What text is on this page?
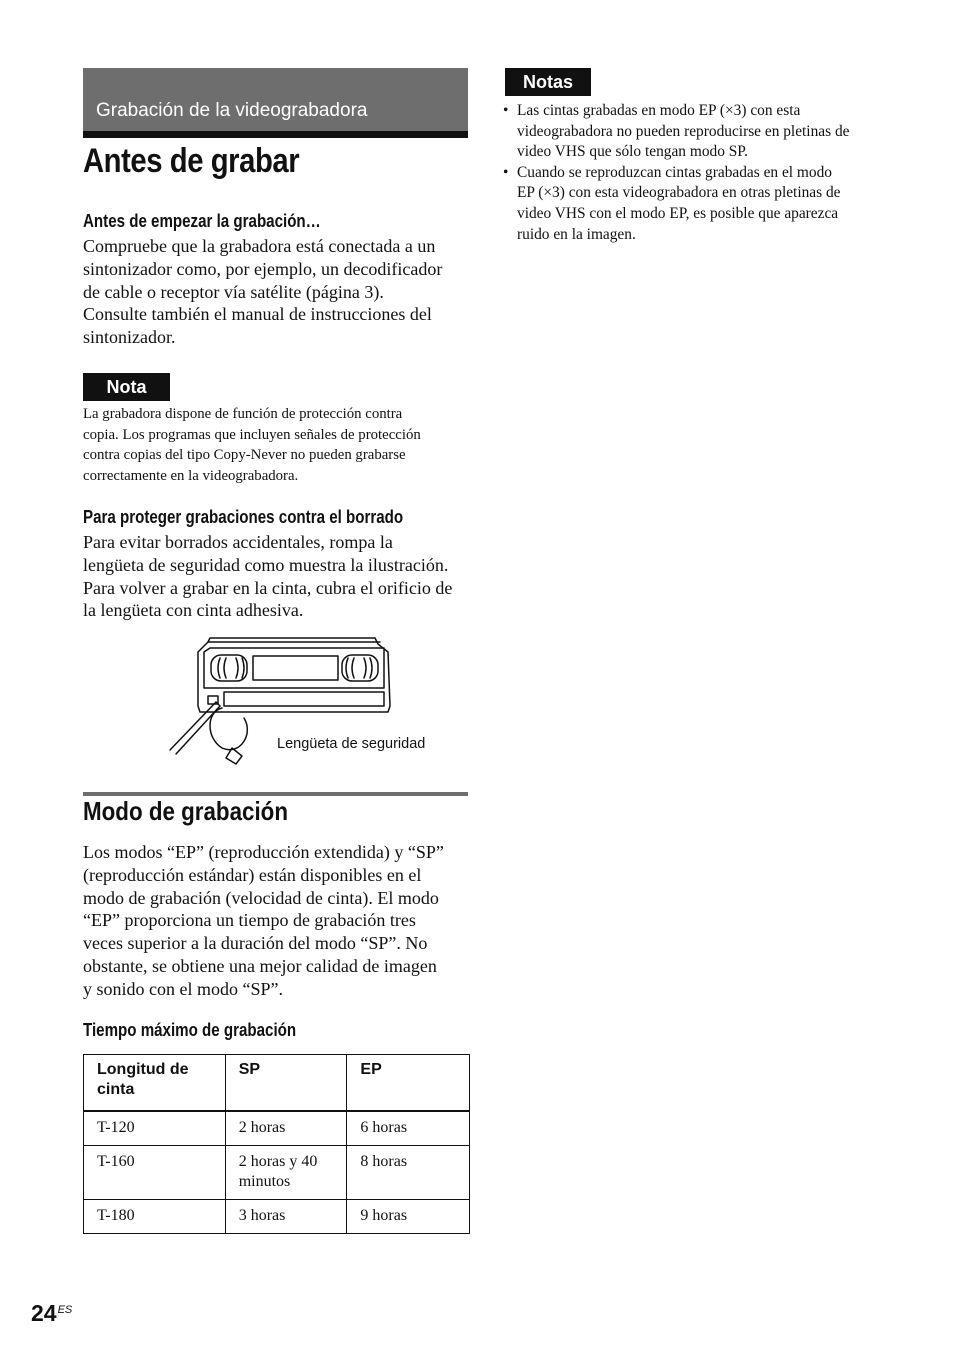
Grabación de la videograbadora
Antes de grabar
Antes de empezar la grabación…

Compruebe que la grabadora está conectada a un

sintonizador como, por ejemplo, un decodificador

de cable o receptor vía satélite (página 3).

Consulte también el manual de instrucciones del

sintonizador.

Nota

La grabadora dispone de función de protección contra

copia. Los programas que incluyen señales de protección

contra copias del tipo Copy-Never no pueden grabarse

correctamente en la videograbadora.

Para proteger grabaciones contra el borrado

Para evitar borrados accidentales, rompa la

lengüeta de seguridad como muestra la ilustración.

Para volver a grabar en la cinta, cubra el orificio de

la lengüeta con cinta adhesiva.

Lengüeta de seguridad
Modo de grabación

Los modos “EP” (reproducción extendida) y “SP”

(reproducción estándar) están disponibles en el

modo de grabación (velocidad de cinta). El modo

“EP” proporciona un tiempo de grabación tres

veces superior a la duración del modo “SP”. No

obstante, se obtiene una mejor calidad de imagen

y sonido con el modo “SP”.

Tiempo máximo de grabación
Longitud de cinta	SP	EP
T-120	2 horas	6 horas
T-160	2 horas y 40 minutos	8 horas
T-180	3 horas	9 horas
Notas
• Las cintas grabadas en modo EP (×3) con esta
videograbadora no pueden reproducirse en pletinas de
video VHS que sólo tengan modo SP.
• Cuando se reproduzcan cintas grabadas en el modo
EP (×3) con esta videograbadora en otras pletinas de
video VHS con el modo EP, es posible que aparezca
ruido en la imagen.
$24^{ES}$
